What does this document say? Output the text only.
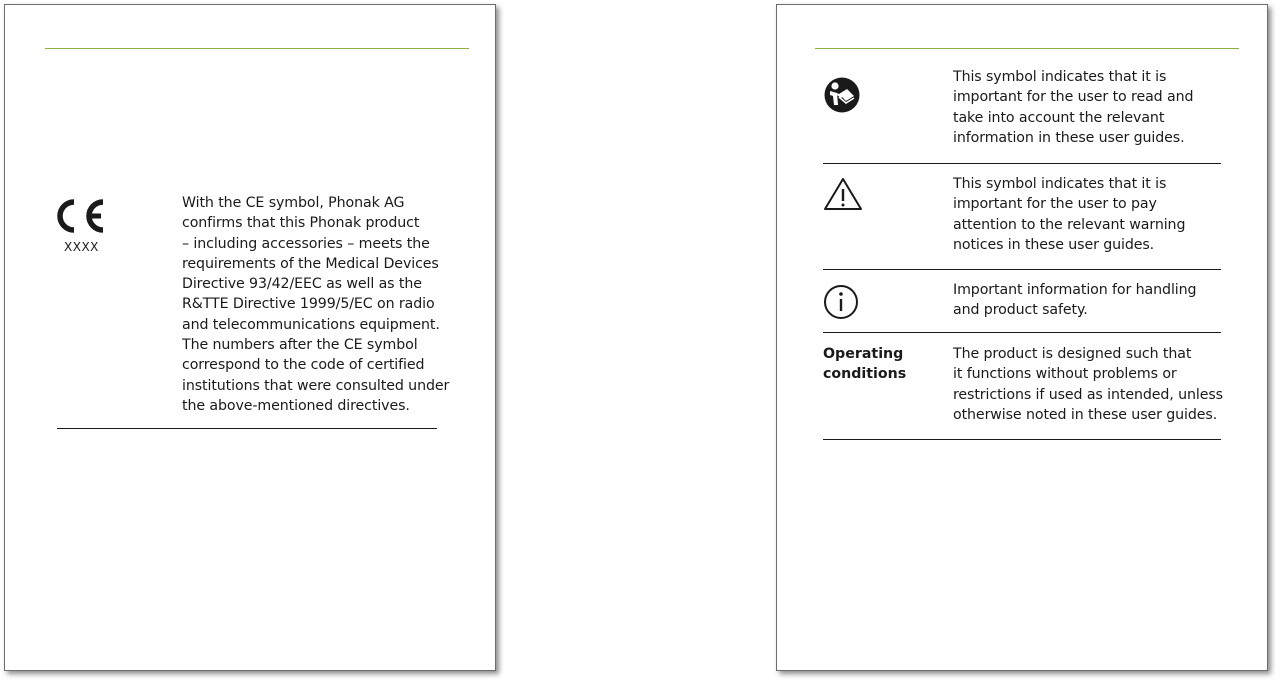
XXXX

With the CE symbol, Phonak AG
confirms that this Phonak product
– including accessories – meets the
requirements of the Medical Devices
Directive 93/42/EEC as well as the
R&TTE Directive 1999/5/EC on radio
and telecommunications equipment.
The numbers after the CE symbol
correspond to the code of certified
institutions that were consulted under
the above-mentioned directives.

This symbol indicates that it is
important for the user to read and
take into account the relevant
information in these user guides.

This symbol indicates that it is
important for the user to pay
attention to the relevant warning
notices in these user guides.

Important information for handling
and product safety.

Operating
conditions

The product is designed such that
it functions without problems or
restrictions if used as intended, unless
otherwise noted in these user guides.
